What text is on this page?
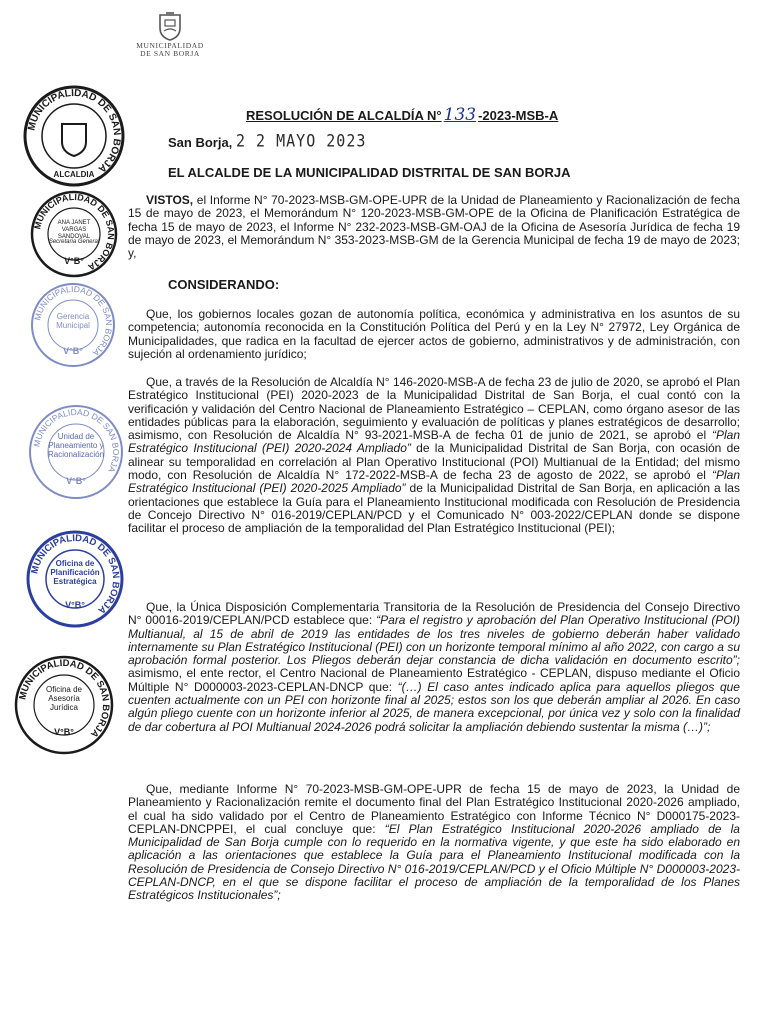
MUNICIPALIDAD
DE SAN BORJA
RESOLUCIÓN DE ALCALDÍA N° 133 -2023-MSB-A
San Borja, 2 2 MAYO 2023
EL ALCALDE DE LA MUNICIPALIDAD DISTRITAL DE SAN BORJA
VISTOS, el Informe N° 70-2023-MSB-GM-OPE-UPR de la Unidad de Planeamiento y Racionalización de fecha 15 de mayo de 2023, el Memorándum N° 120-2023-MSB-GM-OPE de la Oficina de Planificación Estratégica de fecha 15 de mayo de 2023, el Informe N° 232-2023-MSB-GM-OAJ de la Oficina de Asesoría Jurídica de fecha 19 de mayo de 2023, el Memorándum N° 353-2023-MSB-GM de la Gerencia Municipal de fecha 19 de mayo de 2023; y,
CONSIDERANDO:
Que, los gobiernos locales gozan de autonomía política, económica y administrativa en los asuntos de su competencia; autonomía reconocida en la Constitución Política del Perú y en la Ley N° 27972, Ley Orgánica de Municipalidades, que radica en la facultad de ejercer actos de gobierno, administrativos y de administración, con sujeción al ordenamiento jurídico;
Que, a través de la Resolución de Alcaldía N° 146-2020-MSB-A de fecha 23 de julio de 2020, se aprobó el Plan Estratégico Institucional (PEI) 2020-2023 de la Municipalidad Distrital de San Borja, el cual contó con la verificación y validación del Centro Nacional de Planeamiento Estratégico – CEPLAN, como órgano asesor de las entidades públicas para la elaboración, seguimiento y evaluación de políticas y planes estratégicos de desarrollo; asimismo, con Resolución de Alcaldía N° 93-2021-MSB-A de fecha 01 de junio de 2021, se aprobó el “Plan Estratégico Institucional (PEI) 2020-2024 Ampliado” de la Municipalidad Distrital de San Borja, con ocasión de alinear su temporalidad en correlación al Plan Operativo Institucional (POI) Multianual de la Entidad; del mismo modo, con Resolución de Alcaldía N° 172-2022-MSB-A de fecha 23 de agosto de 2022, se aprobó el “Plan Estratégico Institucional (PEI) 2020-2025 Ampliado” de la Municipalidad Distrital de San Borja, en aplicación a las orientaciones que establece la Guía para el Planeamiento Institucional modificada con Resolución de Presidencia de Concejo Directivo N° 016-2019/CEPLAN/PCD y el Comunicado N° 003-2022/CEPLAN donde se dispone facilitar el proceso de ampliación de la temporalidad del Plan Estratégico Institucional (PEI);
Que, la Única Disposición Complementaria Transitoria de la Resolución de Presidencia del Consejo Directivo N° 00016-2019/CEPLAN/PCD establece que: “Para el registro y aprobación del Plan Operativo Institucional (POI) Multianual, al 15 de abril de 2019 las entidades de los tres niveles de gobierno deberán haber validado internamente su Plan Estratégico Institucional (PEI) con un horizonte temporal mínimo al año 2022, con cargo a su aprobación formal posterior. Los Pliegos deberán dejar constancia de dicha validación en documento escrito”; asimismo, el ente rector, el Centro Nacional de Planeamiento Estratégico - CEPLAN, dispuso mediante el Oficio Múltiple N° D000003-2023-CEPLAN-DNCP que: “(…) El caso antes indicado aplica para aquellos pliegos que cuenten actualmente con un PEI con horizonte final al 2025; estos son los que deberán ampliar al 2026. En caso algún pliego cuente con un horizonte inferior al 2025, de manera excepcional, por única vez y solo con la finalidad de dar cobertura al POI Multianual 2024-2026 podrá solicitar la ampliación debiendo sustentar la misma (…)”;
Que, mediante Informe N° 70-2023-MSB-GM-OPE-UPR de fecha 15 de mayo de 2023, la Unidad de Planeamiento y Racionalización remite el documento final del Plan Estratégico Institucional 2020-2026 ampliado, el cual ha sido validado por el Centro de Planeamiento Estratégico con Informe Técnico N° D000175-2023-CEPLAN-DNCPPEI, el cual concluye que: “El Plan Estratégico Institucional 2020-2026 ampliado de la Municipalidad de San Borja cumple con lo requerido en la normativa vigente, y que este ha sido elaborado en aplicación a las orientaciones que establece la Guía para el Planeamiento Institucional modificada con la Resolución de Presidencia de Consejo Directivo N° 016-2019/CEPLAN/PCD y el Oficio Múltiple N° D000003-2023-CEPLAN-DNCP, en el que se dispone facilitar el proceso de ampliación de la temporalidad de los Planes Estratégicos Institucionales”;
MUNICIPALIDAD DE SAN BORJA
ALCALDIA
MUNICIPALIDAD DE SAN BORJA
ANA JANET VARGAS SANDOVAL
Secretaria General
V°B°
MUNICIPALIDAD DE SAN BORJA
Gerencia
Municipal
V°B°
MUNICIPALIDAD DE SAN BORJA
Unidad de
Planeamiento y
Racionalización
V°B°
MUNICIPALIDAD DE SAN BORJA
Oficina de
Planificación
Estratégica
V°B°
MUNICIPALIDAD DE SAN BORJA
Oficina de
Asesoría
Jurídica
V°B°
